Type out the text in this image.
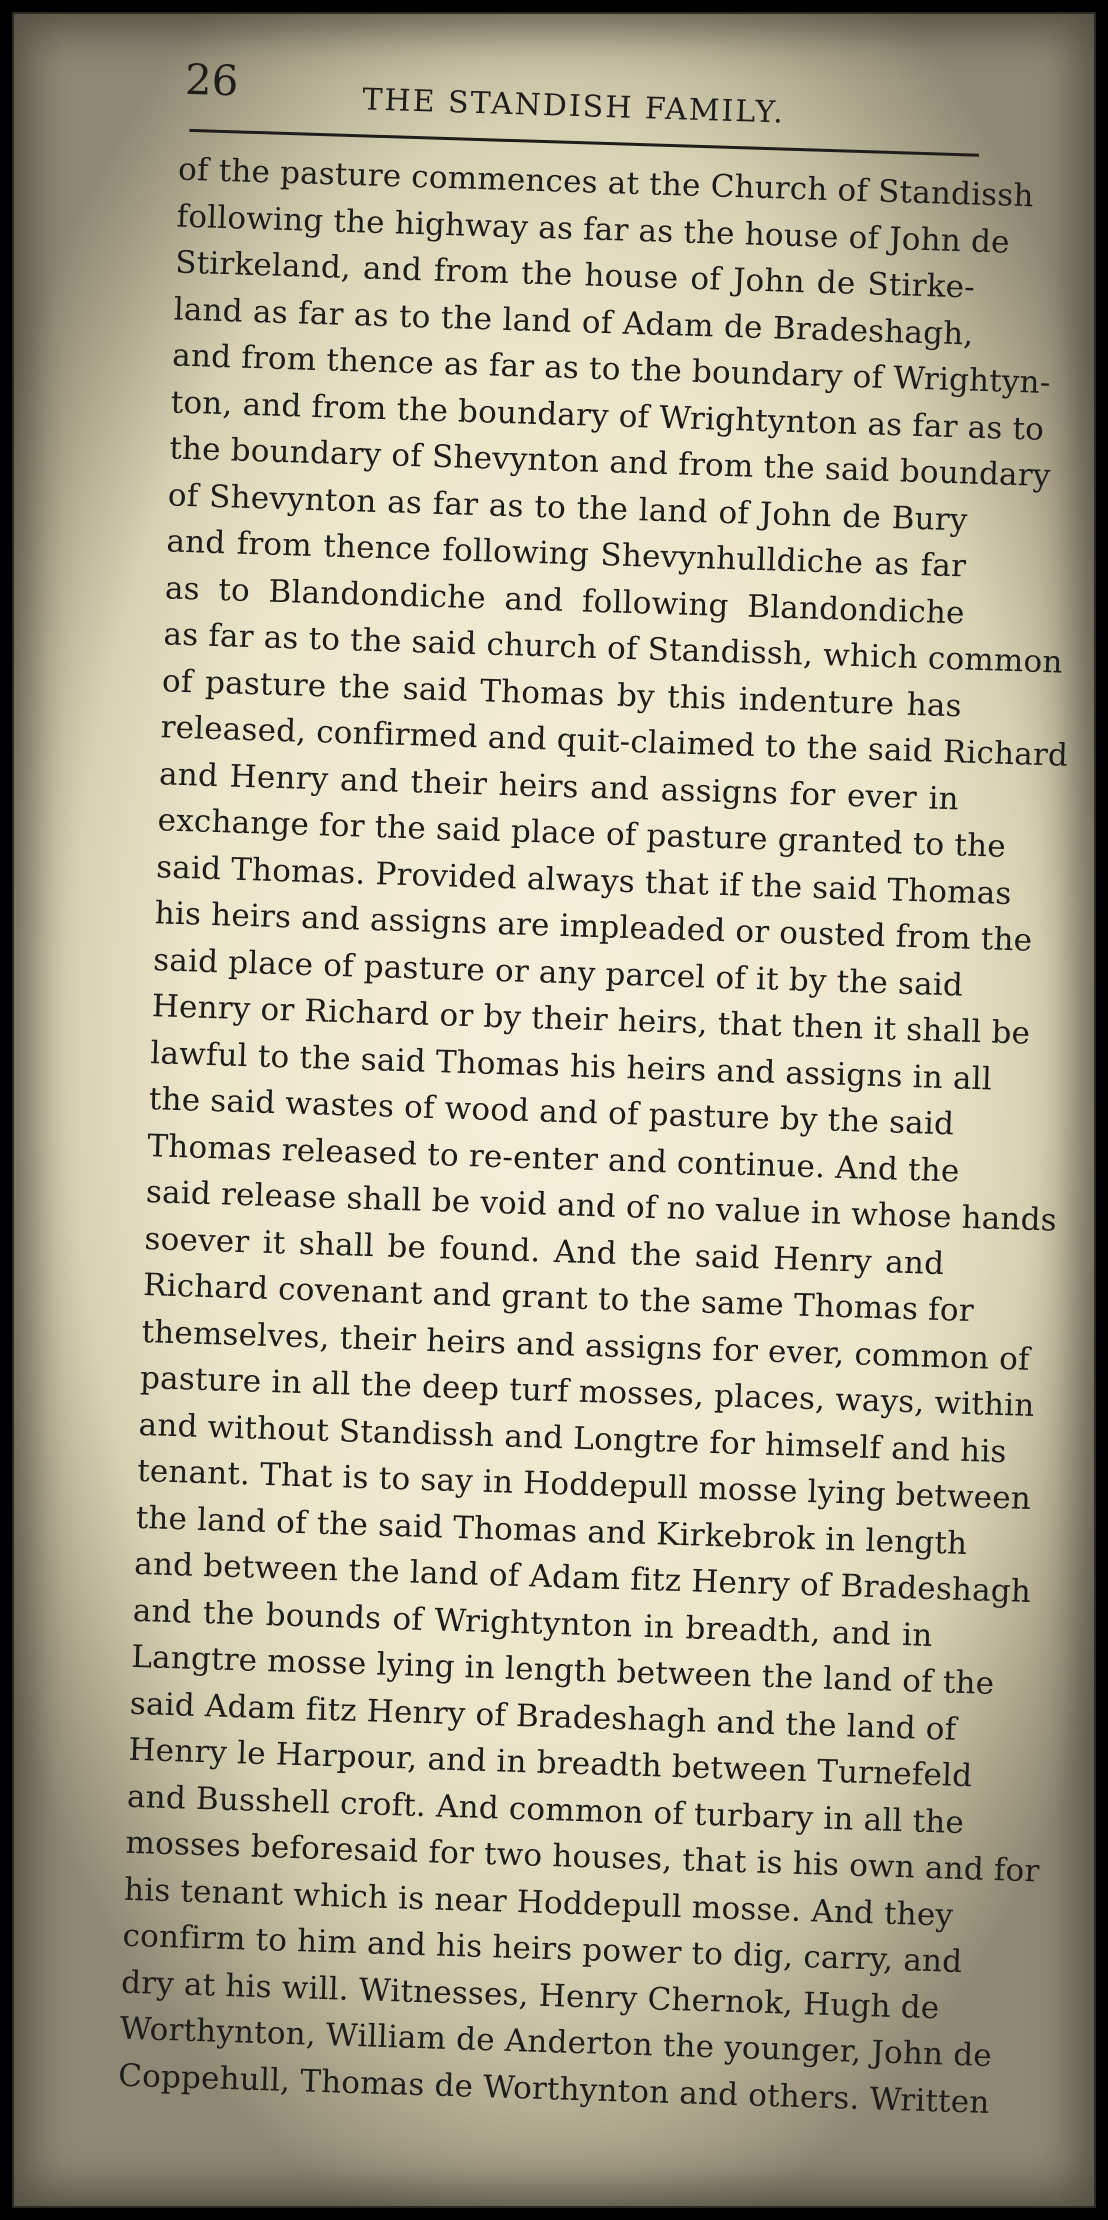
26
THE STANDISH FAMILY.
of the pasture commences at the Church of Standissh
following the highway as far as the house of John de
Stirkeland, and from the house of John de Stirke-
land as far as to the land of Adam de Bradeshagh,
and from thence as far as to the boundary of Wrightyn-
ton, and from the boundary of Wrightynton as far as to
the boundary of Shevynton and from the said boundary
of Shevynton as far as to the land of John de Bury
and from thence following Shevynhulldiche as far
as to Blandondiche and following Blandondiche
as far as to the said church of Standissh, which common
of pasture the said Thomas by this indenture has
released, confirmed and quit-claimed to the said Richard
and Henry and their heirs and assigns for ever in
exchange for the said place of pasture granted to the
said Thomas. Provided always that if the said Thomas
his heirs and assigns are impleaded or ousted from the
said place of pasture or any parcel of it by the said
Henry or Richard or by their heirs, that then it shall be
lawful to the said Thomas his heirs and assigns in all
the said wastes of wood and of pasture by the said
Thomas released to re-enter and continue. And the
said release shall be void and of no value in whose hands
soever it shall be found. And the said Henry and
Richard covenant and grant to the same Thomas for
themselves, their heirs and assigns for ever, common of
pasture in all the deep turf mosses, places, ways, within
and without Standissh and Longtre for himself and his
tenant. That is to say in Hoddepull mosse lying between
the land of the said Thomas and Kirkebrok in length
and between the land of Adam fitz Henry of Bradeshagh
and the bounds of Wrightynton in breadth, and in
Langtre mosse lying in length between the land of the
said Adam fitz Henry of Bradeshagh and the land of
Henry le Harpour, and in breadth between Turnefeld
and Busshell croft. And common of turbary in all the
mosses beforesaid for two houses, that is his own and for
his tenant which is near Hoddepull mosse. And they
confirm to him and his heirs power to dig, carry, and
dry at his will. Witnesses, Henry Chernok, Hugh de
Worthynton, William de Anderton the younger, John de
Coppehull, Thomas de Worthynton and others. Written
